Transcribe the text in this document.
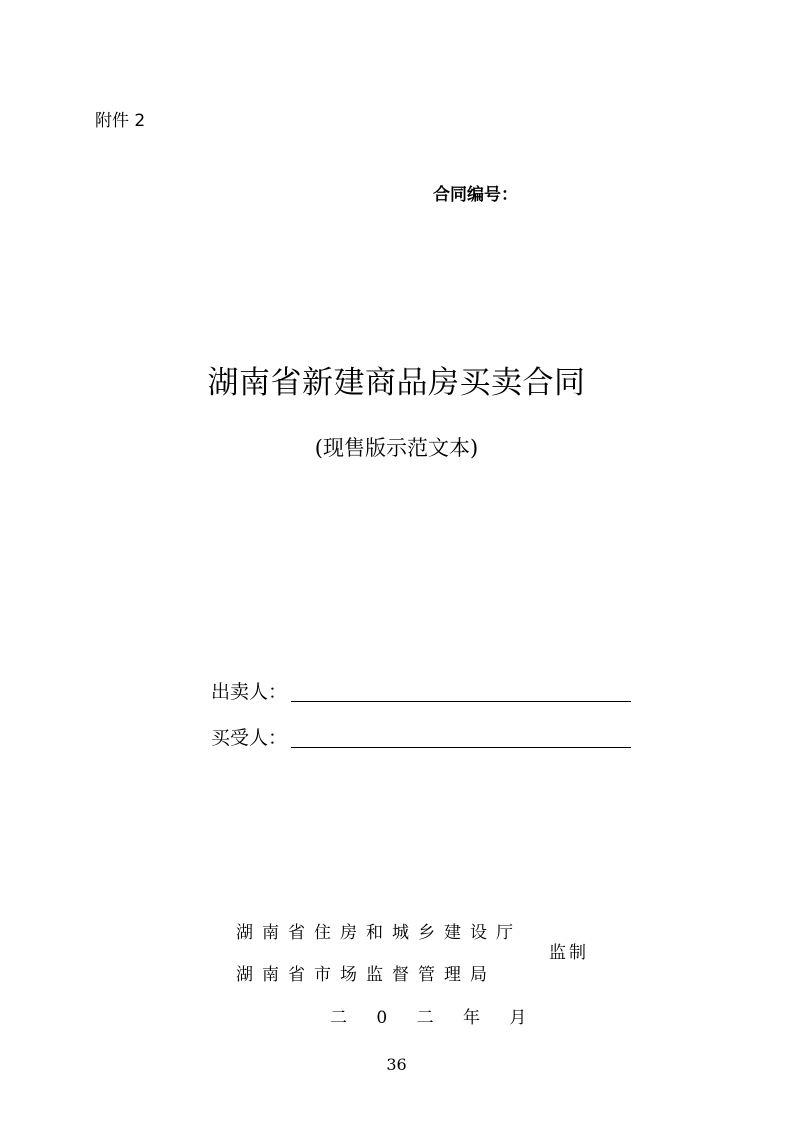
附件 2
合同编号：
湖南省新建商品房买卖合同
(现售版示范文本)
出卖人：
买受人：
湖南省住房和城乡建设厅
湖南省市场监督管理局
监制
二 0 二 年 月
36
